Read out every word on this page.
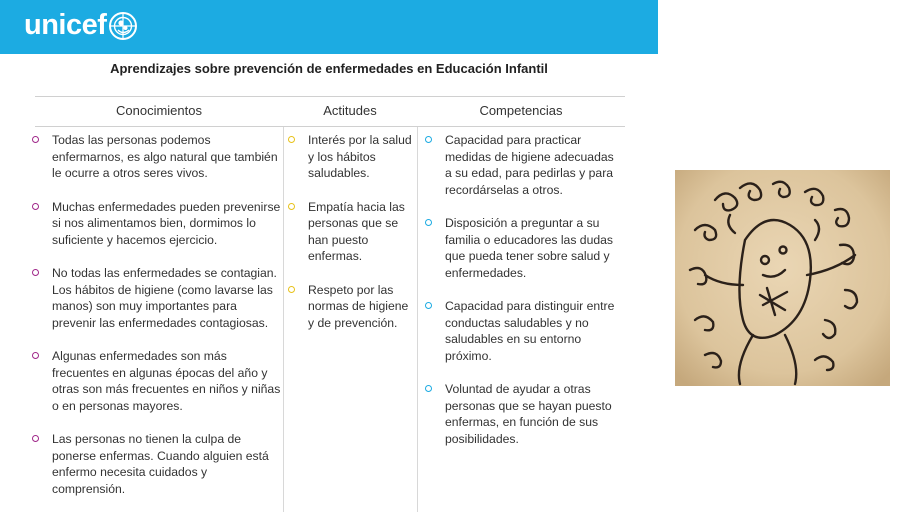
unicef
Aprendizajes sobre prevención de enfermedades en Educación Infantil
Conocimientos	Actitudes	Competencias
Todas las personas podemos enfermarnos, es algo natural que también le ocurre a otros seres vivos.
Muchas enfermedades pueden prevenirse si nos alimentamos bien, dormimos lo suficiente y hacemos ejercicio.
No todas las enfermedades se contagian. Los hábitos de higiene (como lavarse las manos) son muy importantes para prevenir las enfermedades contagiosas.
Algunas enfermedades son más frecuentes en algunas épocas del año y otras son más frecuentes en niños y niñas o en personas mayores.
Las personas no tienen la culpa de ponerse enfermas. Cuando alguien está enfermo necesita cuidados y comprensión.
Interés por la salud y los hábitos saludables.
Empatía hacia las personas que se han puesto enfermas.
Respeto por las normas de higiene y de prevención.
Capacidad para practicar medidas de higiene adecuadas a su edad, para pedirlas y para recordárselas a otros.
Disposición a preguntar a su familia o educadores las dudas que pueda tener sobre salud y enfermedades.
Capacidad para distinguir entre conductas saludables y no saludables en su entorno próximo.
Voluntad de ayudar a otras personas que se hayan puesto enfermas, en función de sus posibilidades.
